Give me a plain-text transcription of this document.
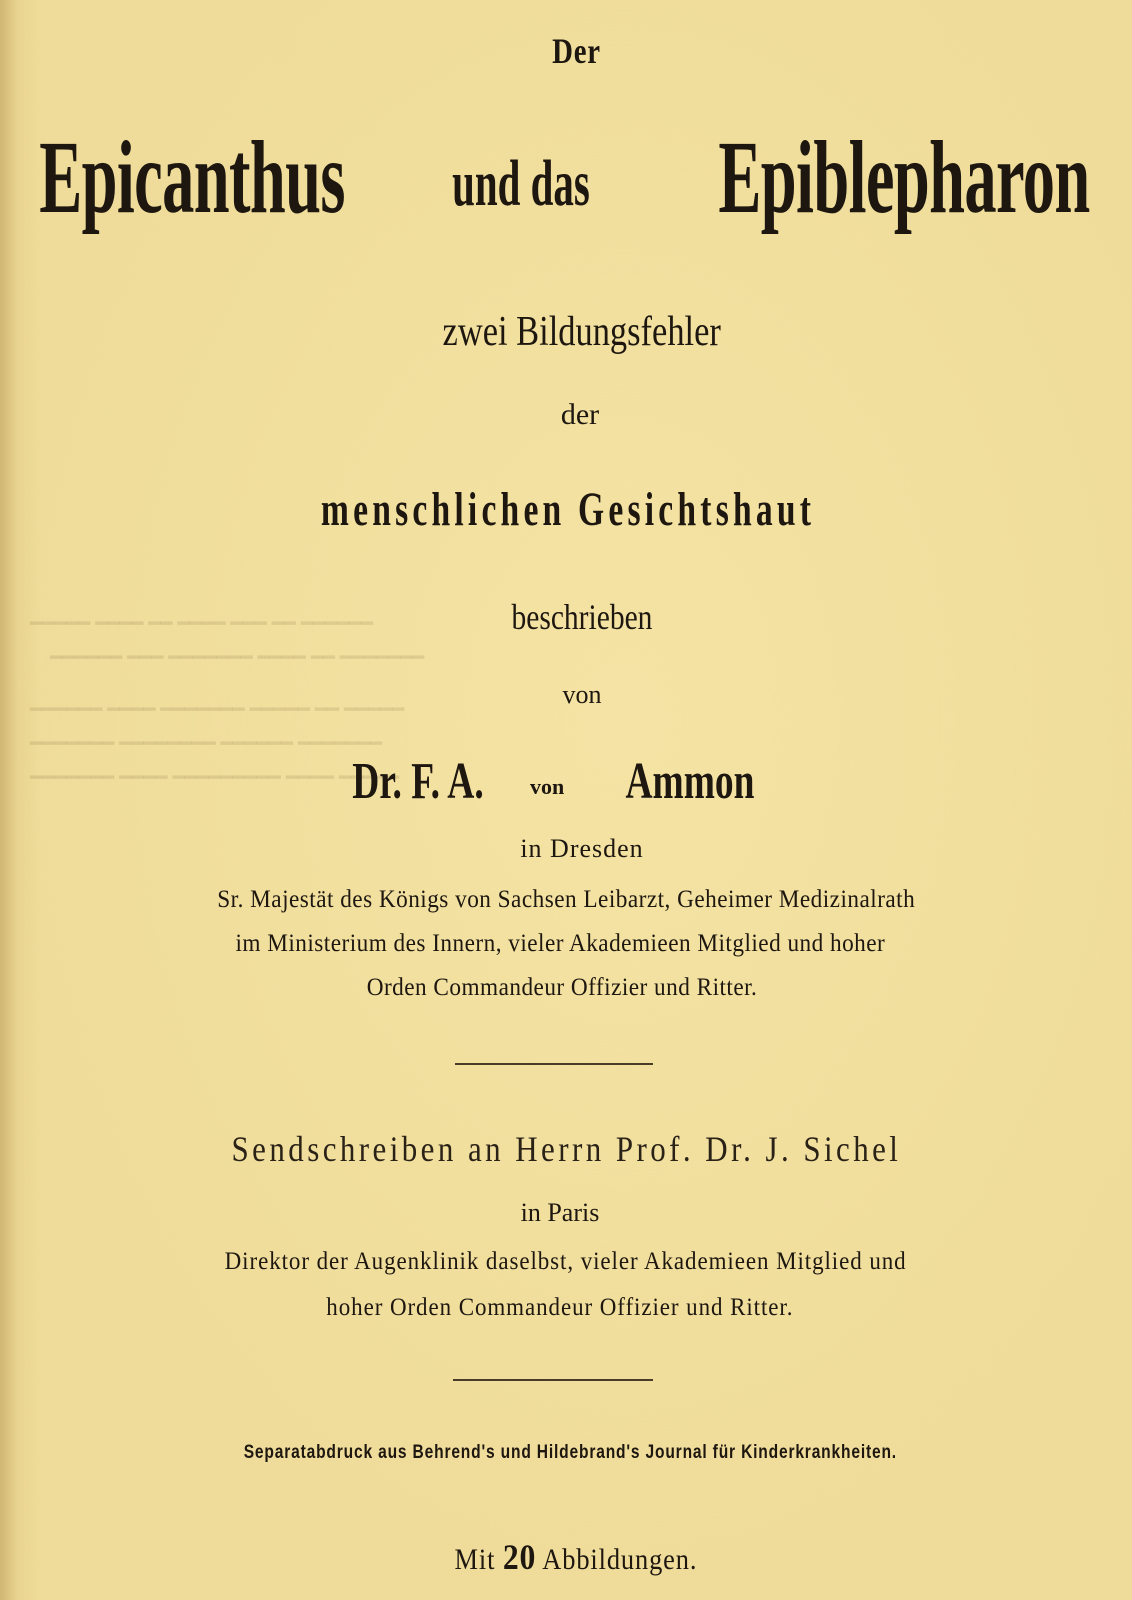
━━━━━ ━━━━ ━━ ━━━━ ━━━ ━━ ━━━━━━
━━━━━━ ━━━ ━━━━━━━ ━━━━ ━━ ━━━━━━━
━━━━━━ ━━━━ ━━━━━━━ ━━━━━ ━━ ━━━━━
━━━━━━━ ━━━━━━━━ ━━━━━━ ━━━━━━━
━━━━━━━ ━━━━ ━━━━━━━━━ ━━━━ ━━━━━
Der
Epicanthus und das Epiblepharon
zwei Bildungsfehler
der
menschlichen Gesichtshaut
beschrieben
von
Dr. F. A. von Ammon
in Dresden
Sr. Majestät des Königs von Sachsen Leibarzt, Geheimer Medizinalrath
im Ministerium des Innern, vieler Akademieen Mitglied und hoher
Orden Commandeur Offizier und Ritter.
Sendschreiben an Herrn Prof. Dr. J. Sichel
in Paris
Direktor der Augenklinik daselbst, vieler Akademieen Mitglied und
hoher Orden Commandeur Offizier und Ritter.
Separatabdruck aus Behrend's und Hildebrand's Journal für Kinderkrankheiten.
Mit 20 Abbildungen.
